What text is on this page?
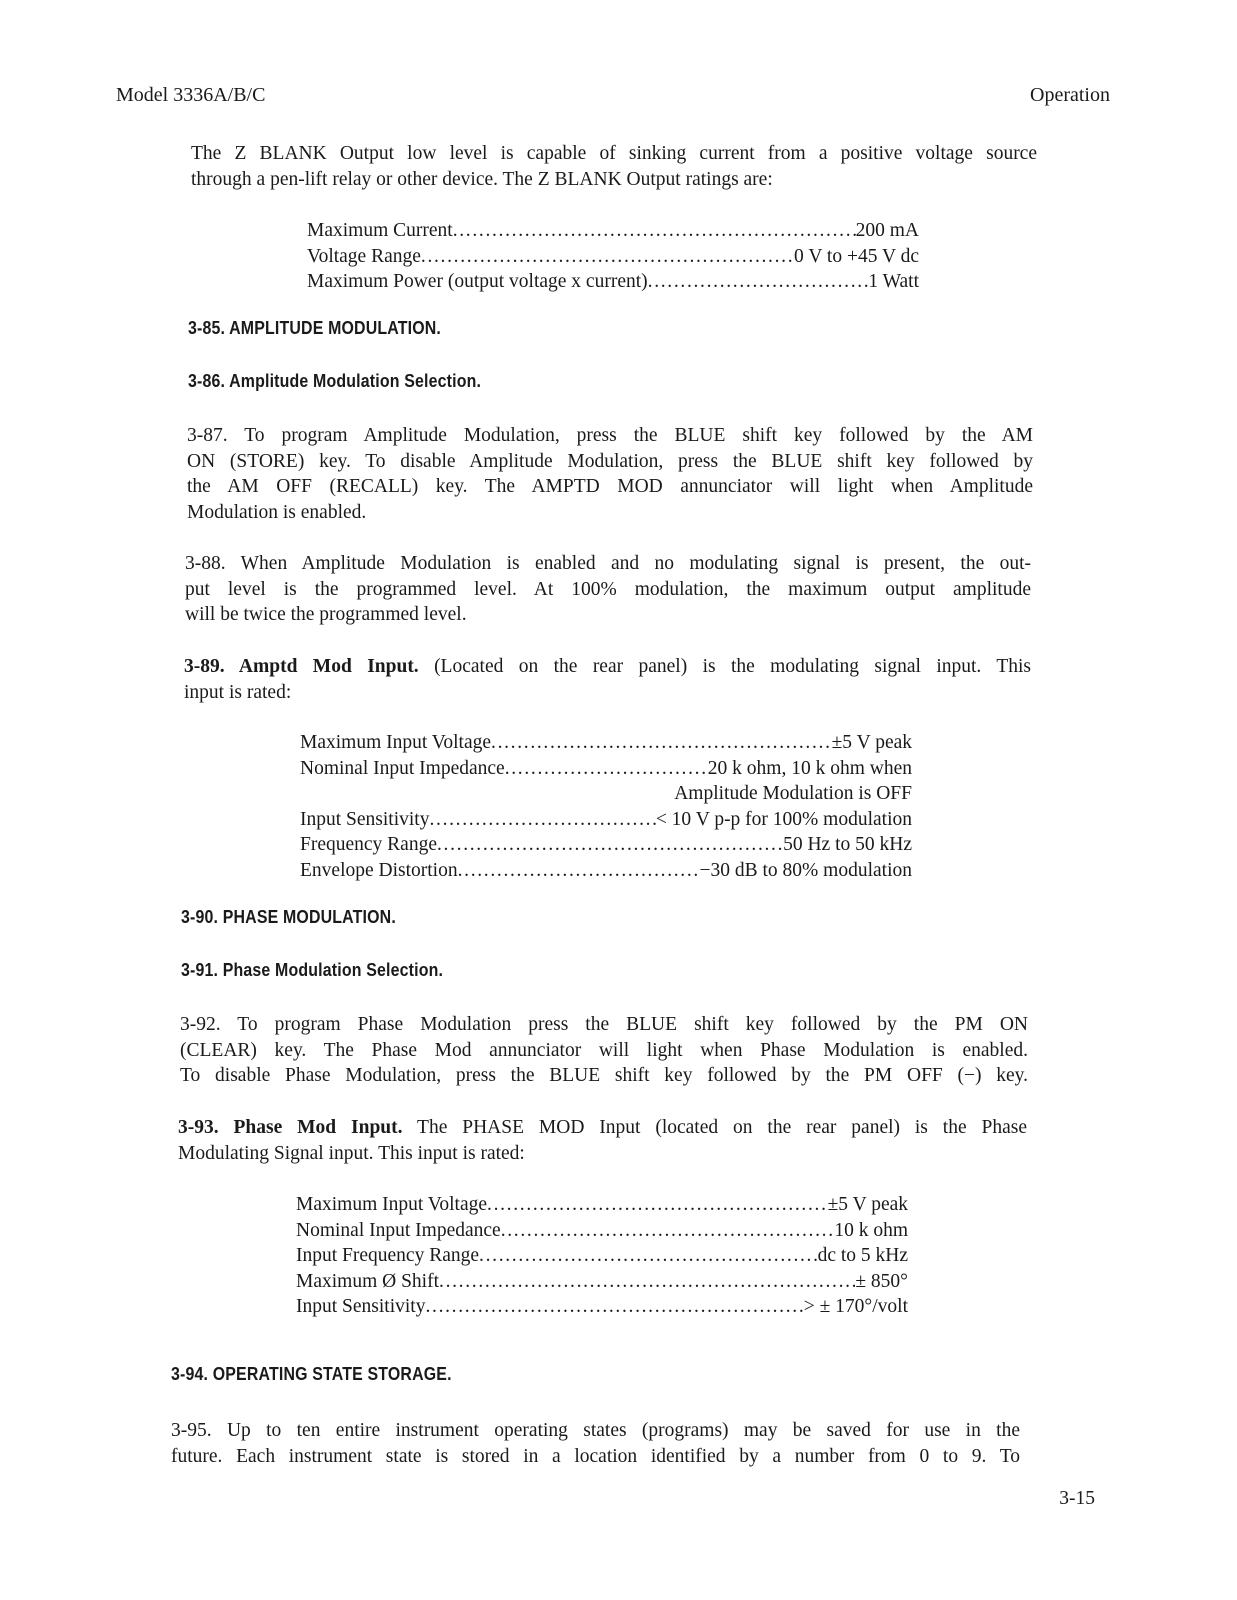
Model 3336A/B/C	Operation
The Z BLANK Output low level is capable of sinking current from a positive voltage source
through a pen-lift relay or other device. The Z BLANK Output ratings are:
Maximum Current . . .	200 mA
Voltage Range . . .	0 V to +45 V dc
Maximum Power (output voltage x current) . . .	1 Watt
3-85. AMPLITUDE MODULATION.
3-86. Amplitude Modulation Selection.
3-87. To program Amplitude Modulation, press the BLUE shift key followed by the AM
ON (STORE) key. To disable Amplitude Modulation, press the BLUE shift key followed by
the AM OFF (RECALL) key. The AMPTD MOD annunciator will light when Amplitude
Modulation is enabled.
3-88. When Amplitude Modulation is enabled and no modulating signal is present, the out-
put level is the programmed level. At 100% modulation, the maximum output amplitude
will be twice the programmed level.
3-89. Amptd Mod Input. (Located on the rear panel) is the modulating signal input. This
input is rated:
Maximum Input Voltage . . .	±5 V peak
Nominal Input Impedance . . .	20 k ohm, 10 k ohm when
Amplitude Modulation is OFF
Input Sensitivity . . .	< 10 V p-p for 100% modulation
Frequency Range . . .	50 Hz to 50 kHz
Envelope Distortion . . .	−30 dB to 80% modulation
3-90. PHASE MODULATION.
3-91. Phase Modulation Selection.
3-92. To program Phase Modulation press the BLUE shift key followed by the PM ON
(CLEAR) key. The Phase Mod annunciator will light when Phase Modulation is enabled.
To disable Phase Modulation, press the BLUE shift key followed by the PM OFF (−) key.
3-93. Phase Mod Input. The PHASE MOD Input (located on the rear panel) is the Phase
Modulating Signal input. This input is rated:
Maximum Input Voltage . . .	±5 V peak
Nominal Input Impedance . . .	10 k ohm
Input Frequency Range . . .	dc to 5 kHz
Maximum Ø Shift . . .	± 850°
Input Sensitivity . . .	> ± 170°/volt
3-94. OPERATING STATE STORAGE.
3-95. Up to ten entire instrument operating states (programs) may be saved for use in the
future. Each instrument state is stored in a location identified by a number from 0 to 9. To
3-15
